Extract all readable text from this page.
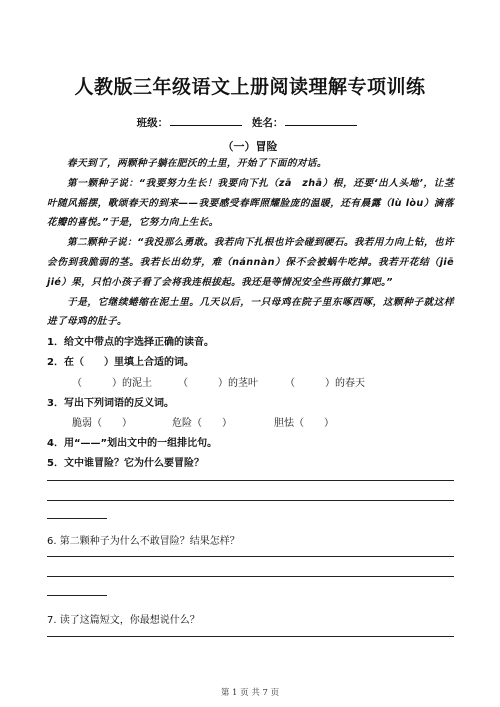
人教版三年级语文上册阅读理解专项训练
班级：	姓名：
（一）冒险

春天到了，两颗种子躺在肥沃的土里，开始了下面的对话。

第一颗种子说：“我要努力生长！我要向下扎（zā　zhā）根，还要‘出人头地’，让茎叶随风摇摆，歌颂春天的到来——我要感受春晖照耀脸庞的温暖，还有晨露（lù lòu）滴落花瓣的喜悦。”于是，它努力向上生长。

第二颗种子说：“我没那么勇敢。我若向下扎根也许会碰到硬石。我若用力向上钻，也许会伤到我脆弱的茎。我若长出幼芽，难（nánnàn）保不会被蜗牛吃掉。我若开花结（jiē　jié）果，只怕小孩子看了会将我连根拔起。我还是等情况安全些再做打算吧。”

于是，它继续蜷缩在泥土里。几天以后，一只母鸡在院子里东啄西啄，这颗种子就这样进了母鸡的肚子。

1．给文中带点的字选择正确的读音。
2．在（　　）里填上合适的词。
（　　　）的泥土	（　　　）的茎叶	（　　　）的春天
3．写出下列词语的反义词。
脆弱（　　）	危险（　　）	胆怯（　　）
4．用“——”划出文中的一组排比句。
5．文中谁冒险？它为什么要冒险？
6. 第二颗种子为什么不敢冒险？结果怎样？
7. 读了这篇短文，你最想说什么？
第 1 页 共 7 页
